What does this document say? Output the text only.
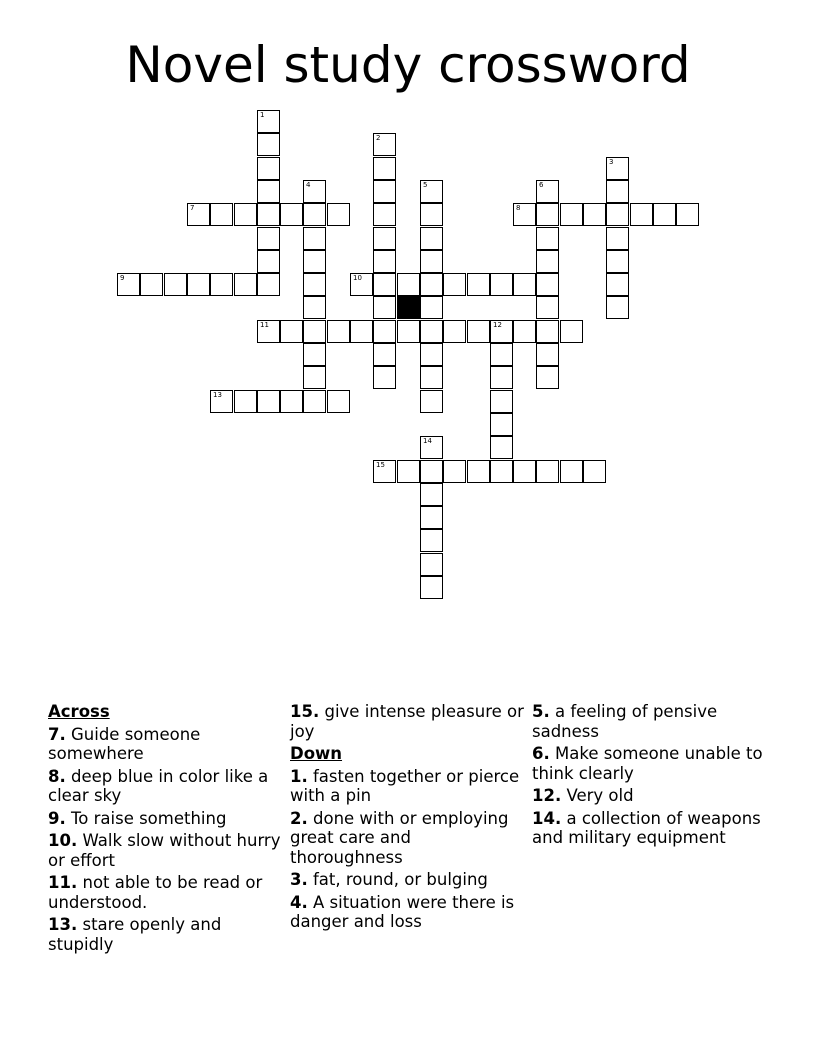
Novel study crossword
1
2
3
4	5	6
7	8
9	10
11	12
13
14
15
Across
7. Guide someone somewhere
8. deep blue in color like a clear sky
9. To raise something
10. Walk slow without hurry or effort
11. not able to be read or understood.
13. stare openly and stupidly
15. give intense pleasure or joy
Down
1. fasten together or pierce with a pin
2. done with or employing great care and thoroughness
3. fat, round, or bulging
4. A situation were there is danger and loss
5. a feeling of pensive sadness
6. Make someone unable to think clearly
12. Very old
14. a collection of weapons and military equipment
